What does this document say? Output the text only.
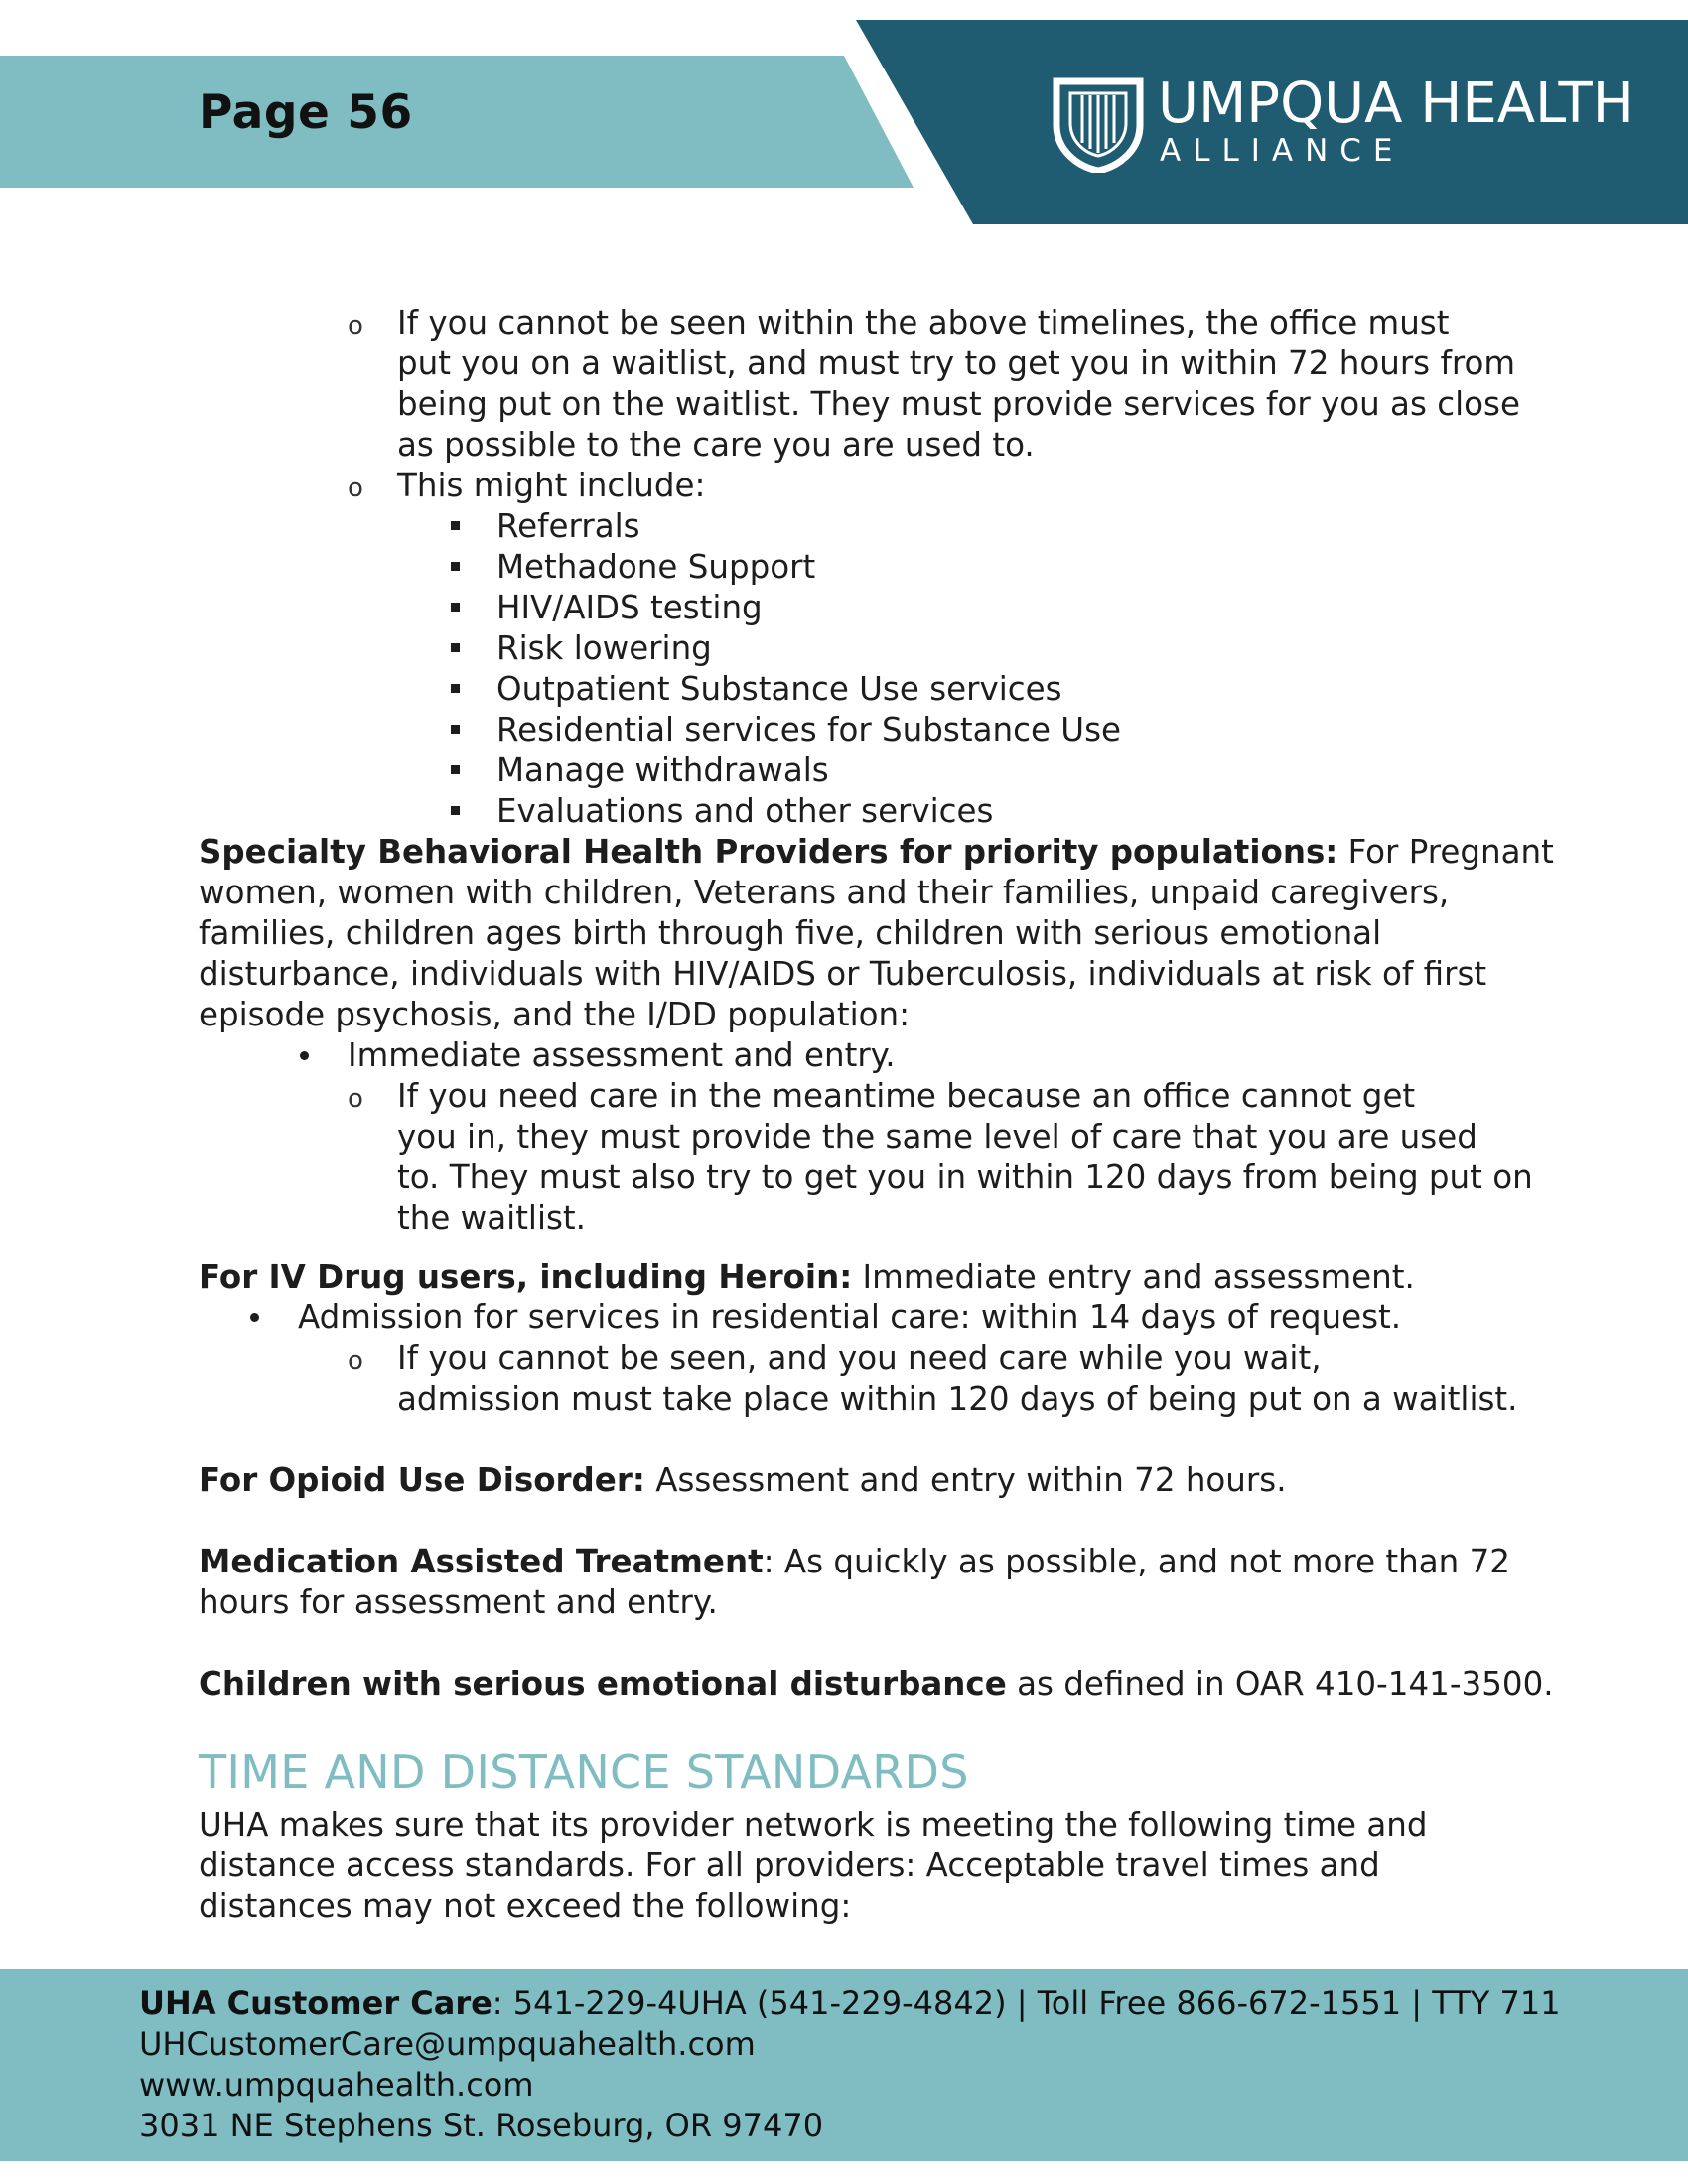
Page 56	UMPQUA HEALTH
ALLIANCE
o If you cannot be seen within the above timelines, the office must
put you on a waitlist, and must try to get you in within 72 hours from
being put on the waitlist. They must provide services for you as close
as possible to the care you are used to.
o This might include:
Referrals
Methadone Support
HIV/AIDS testing
Risk lowering
Outpatient Substance Use services
Residential services for Substance Use
Manage withdrawals
Evaluations and other services
Specialty Behavioral Health Providers for priority populations: For Pregnant
women, women with children, Veterans and their families, unpaid caregivers,
families, children ages birth through five, children with serious emotional
disturbance, individuals with HIV/AIDS or Tuberculosis, individuals at risk of first
episode psychosis, and the I/DD population:
Immediate assessment and entry.
o If you need care in the meantime because an office cannot get
you in, they must provide the same level of care that you are used
to. They must also try to get you in within 120 days from being put on
the waitlist.
For IV Drug users, including Heroin: Immediate entry and assessment.
Admission for services in residential care: within 14 days of request.
o If you cannot be seen, and you need care while you wait,
admission must take place within 120 days of being put on a waitlist.
For Opioid Use Disorder: Assessment and entry within 72 hours.
Medication Assisted Treatment: As quickly as possible, and not more than 72
hours for assessment and entry.
Children with serious emotional disturbance as defined in OAR 410-141-3500.
TIME AND DISTANCE STANDARDS
UHA makes sure that its provider network is meeting the following time and
distance access standards. For all providers: Acceptable travel times and
distances may not exceed the following:
UHA Customer Care: 541-229-4UHA (541-229-4842) | Toll Free 866-672-1551 | TTY 711
UHCustomerCare@umpquahealth.com
www.umpquahealth.com
3031 NE Stephens St. Roseburg, OR 97470
